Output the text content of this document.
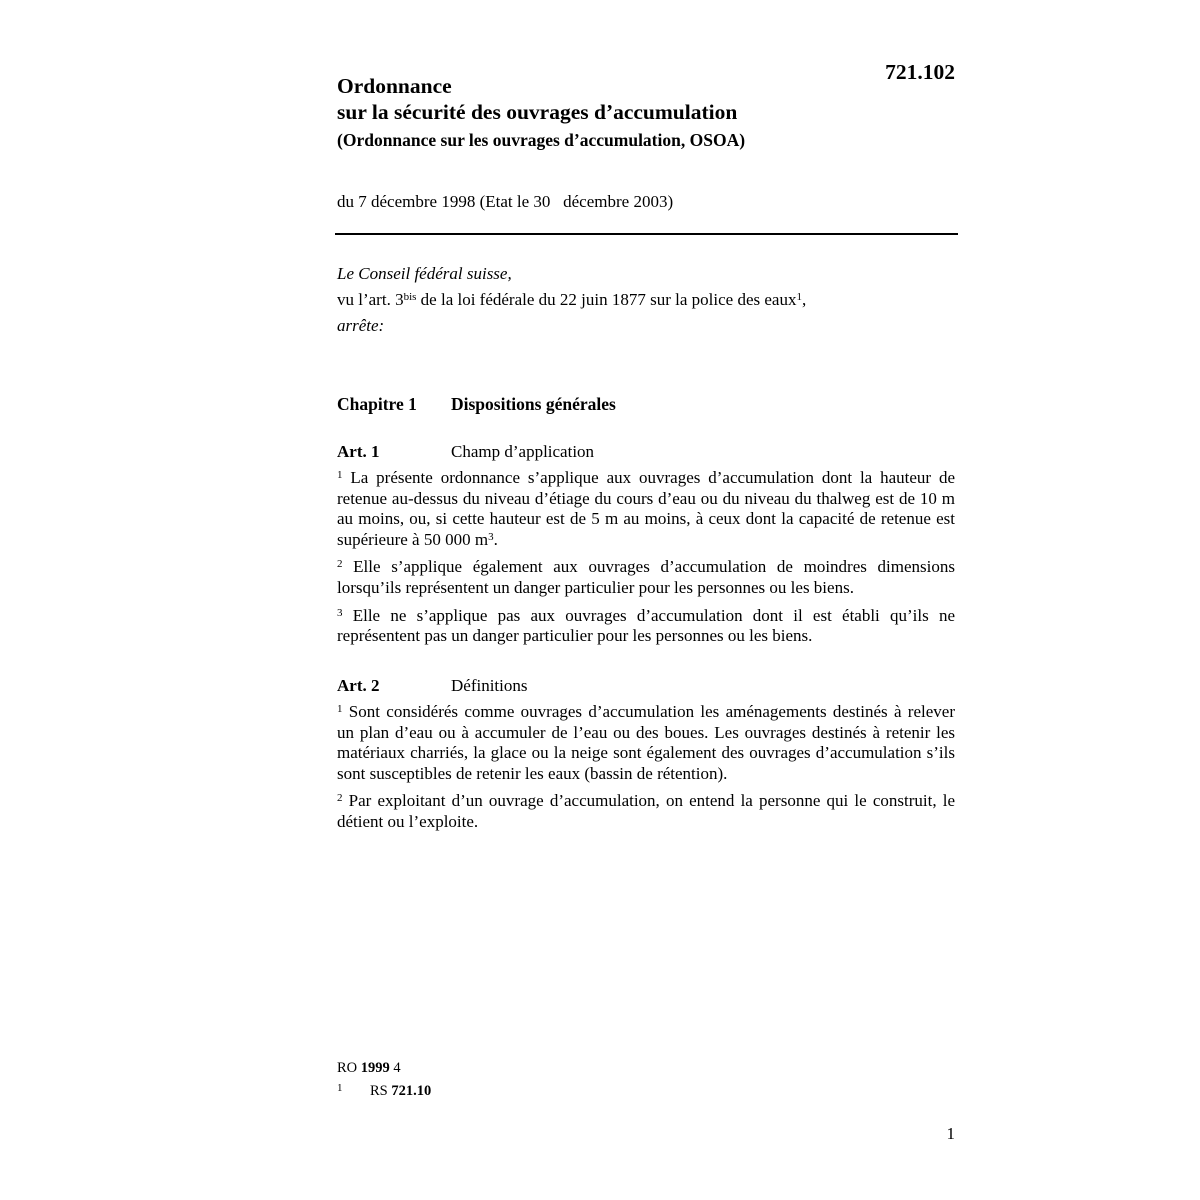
721.102
Ordonnance
sur la sécurité des ouvrages d’accumulation
(Ordonnance sur les ouvrages d’accumulation, OSOA)
du 7 décembre 1998 (Etat le 30   décembre 2003)
Le Conseil fédéral suisse,
vu l’art. $3^{bis}$ de la loi fédérale du 22 juin 1877 sur la police des eaux$^1$,
arrête:
Chapitre 1 Dispositions générales
Art. 1	Champ d’application

$^1$ La présente ordonnance s’applique aux ouvrages d’accumulation dont la hauteur de retenue au-dessus du niveau d’étiage du cours d’eau ou du niveau du thalweg est de 10 m au moins, ou, si cette hauteur est de 5 m au moins, à ceux dont la capacité de retenue est supérieure à 50 000 $m^3$.

$^2$ Elle s’applique également aux ouvrages d’accumulation de moindres dimensions lorsqu’ils représentent un danger particulier pour les personnes ou les biens.

$^3$ Elle ne s’applique pas aux ouvrages d’accumulation dont il est établi qu’ils ne représentent pas un danger particulier pour les personnes ou les biens.

Art. 2	Définitions

$^1$ Sont considérés comme ouvrages d’accumulation les aménagements destinés à relever un plan d’eau ou à accumuler de l’eau ou des boues. Les ouvrages destinés à retenir les matériaux charriés, la glace ou la neige sont également des ouvrages d’accumulation s’ils sont susceptibles de retenir les eaux (bassin de rétention).

$^2$ Par exploitant d’un ouvrage d’accumulation, on entend la personne qui le construit, le détient ou l’exploite.

RO 1999 4
1 RS 721.10
1
